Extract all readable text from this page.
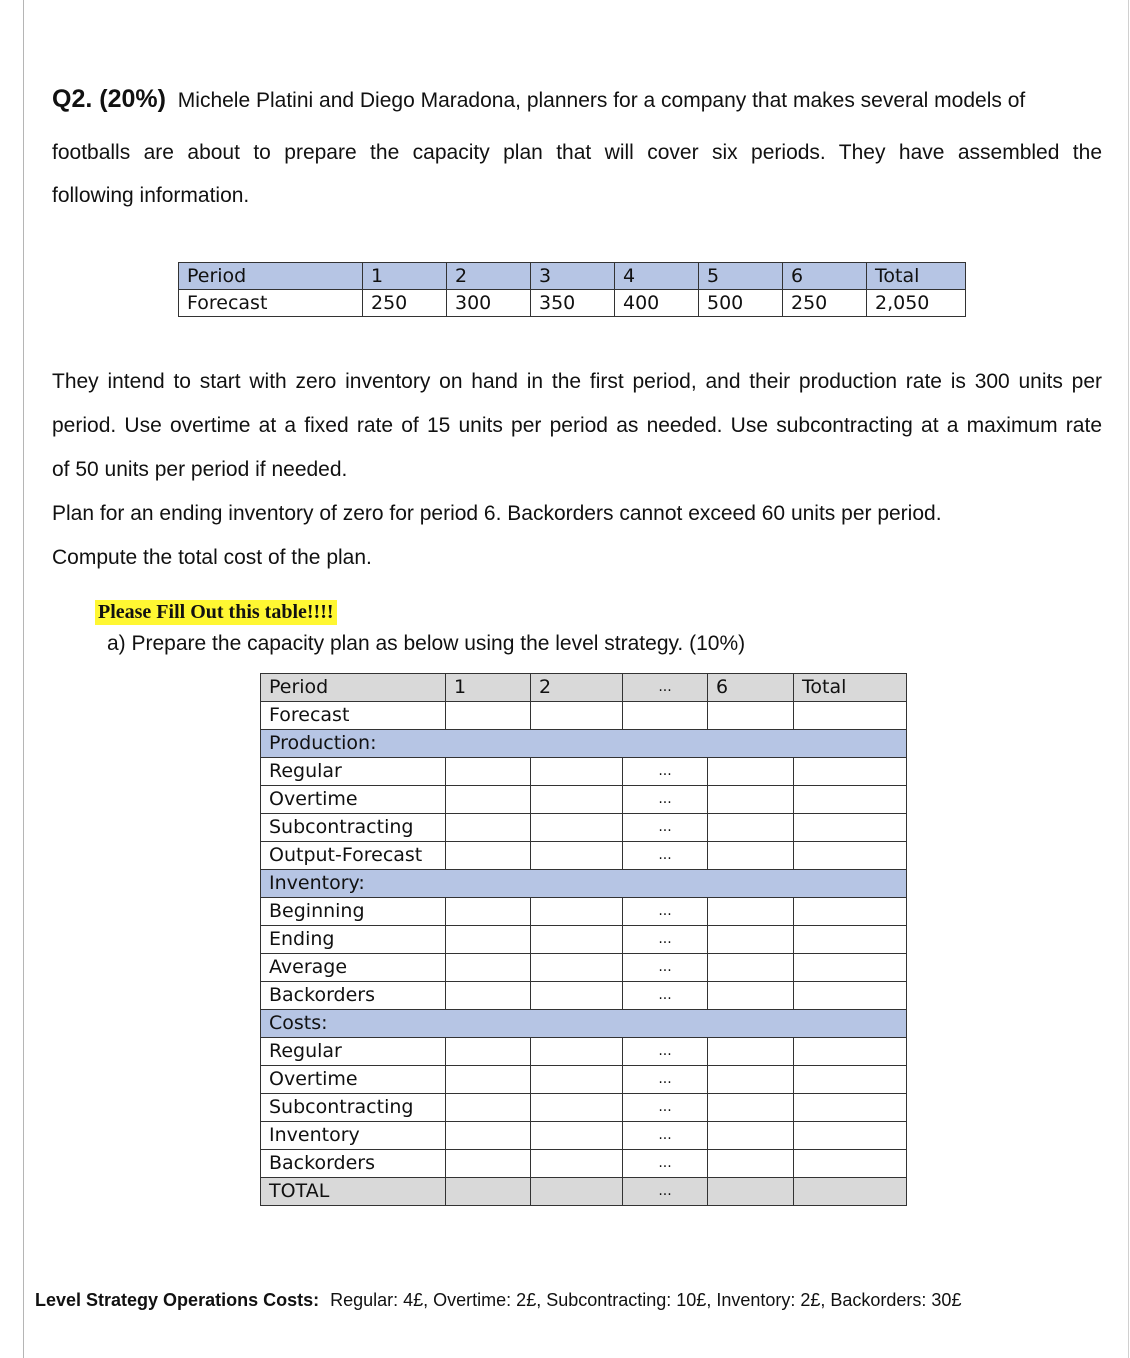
Q2. (20%) Michele Platini and Diego Maradona, planners for a company that makes several models of
footballs are about to prepare the capacity plan that will cover six periods. They have assembled the
following information.
Period	1	2	3	4	5	6	Total
Forecast	250	300	350	400	500	250	2,050
They intend to start with zero inventory on hand in the first period, and their production rate is 300 units per
period. Use overtime at a fixed rate of 15 units per period as needed. Use subcontracting at a maximum rate
of 50 units per period if needed.
Plan for an ending inventory of zero for period 6. Backorders cannot exceed 60 units per period.
Compute the total cost of the plan.
Please Fill Out this table!!!!
a) Prepare the capacity plan as below using the level strategy. (10%)
Period	1	2	...	6	Total
Forecast					
Production:					
Regular			...		
Overtime			...		
Subcontracting			...		
Output-Forecast			...		
Inventory:					
Beginning			...		
Ending			...		
Average			...		
Backorders			...		
Costs:					
Regular			...		
Overtime			...		
Subcontracting			...		
Inventory			...		
Backorders			...		
TOTAL			...		
Level Strategy Operations Costs: Regular: 4£, Overtime: 2£, Subcontracting: 10£, Inventory: 2£, Backorders: 30£
